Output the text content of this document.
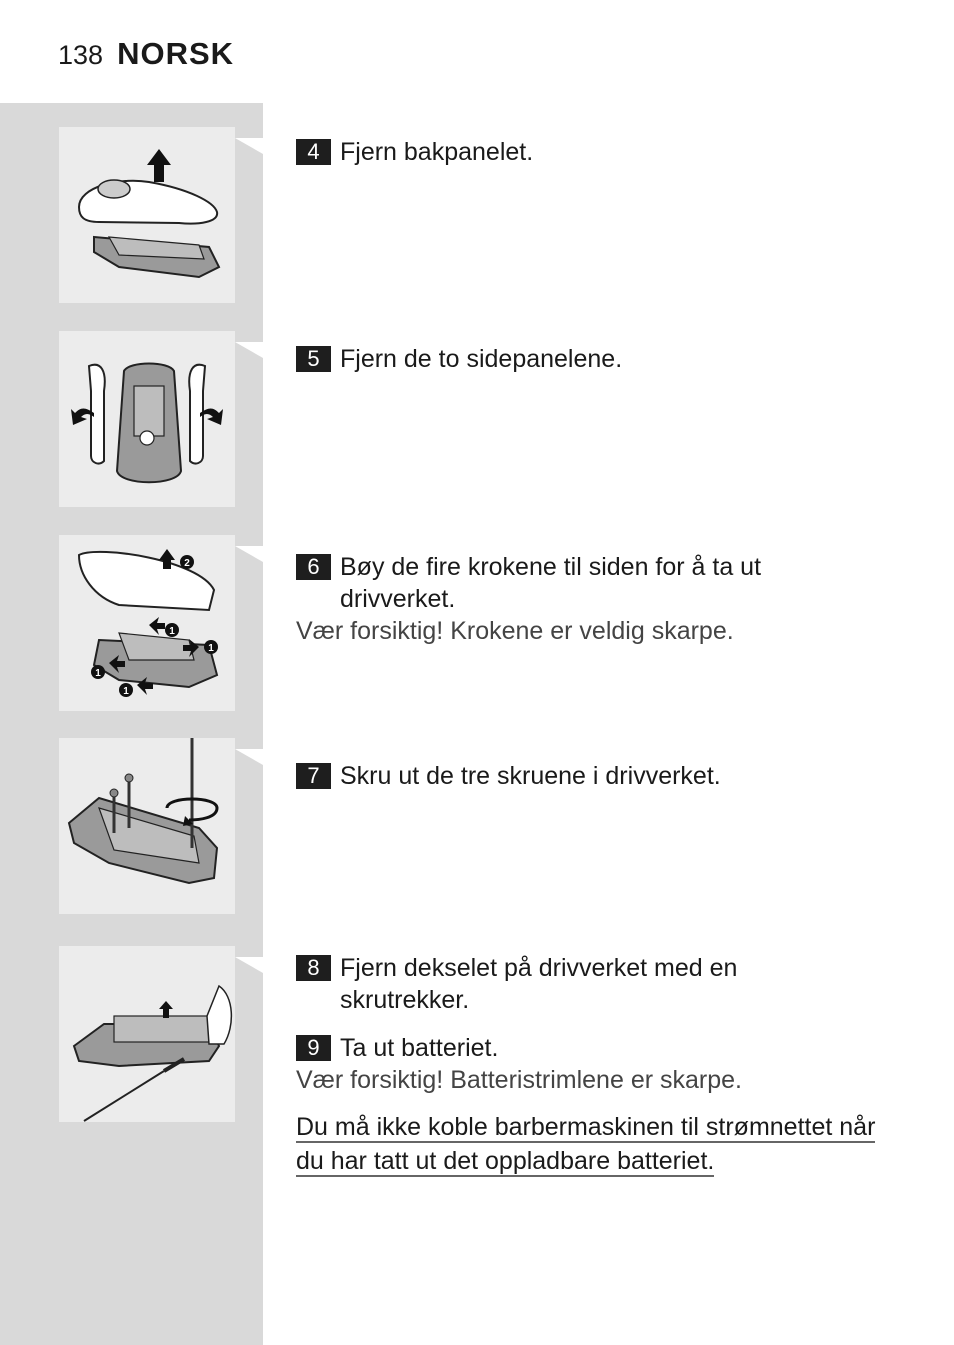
138 NORSK
2
1
1
1
1
4 Fjern bakpanelet.
5 Fjern de to sidepanelene.
6 Bøy de fire krokene til siden for å ta ut drivverket.
Vær forsiktig! Krokene er veldig skarpe.
7 Skru ut de tre skruene i drivverket.
8 Fjern dekselet på drivverket med en skrutrekker.
9 Ta ut batteriet.
Vær forsiktig! Batteristrimlene er skarpe.
Du må ikke koble barbermaskinen til strømnettet når du har tatt ut det oppladbare batteriet.
